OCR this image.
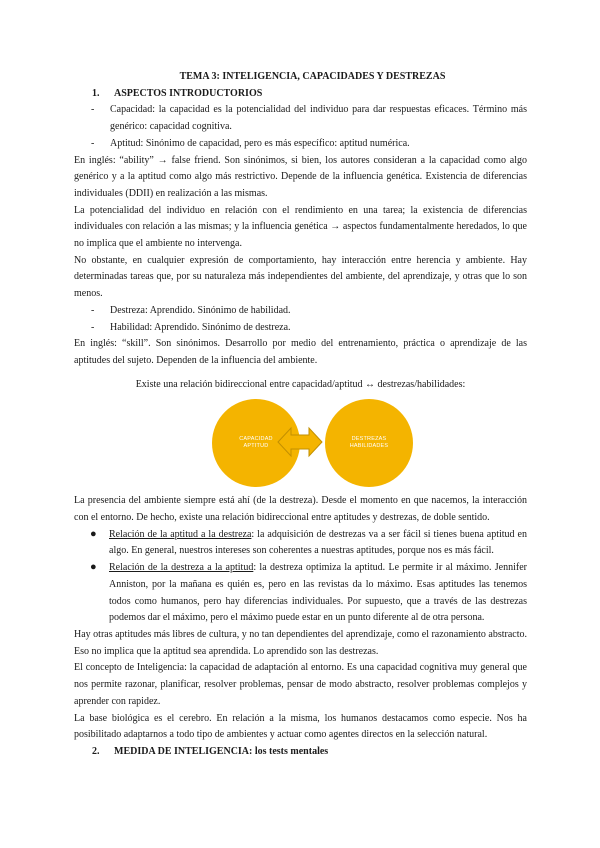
TEMA 3: INTELIGENCIA, CAPACIDADES Y DESTREZAS

1. ASPECTOS INTRODUCTORIOS

- Capacidad: la capacidad es la potencialidad del individuo para dar respuestas eficaces. Término más genérico: capacidad cognitiva.
- Aptitud: Sinónimo de capacidad, pero es más específico: aptitud numérica.

En inglés: “ability” → false friend. Son sinónimos, si bien, los autores consideran a la capacidad como algo genérico y a la aptitud como algo más restrictivo. Depende de la influencia genética. Existencia de diferencias individuales (DDII) en realización a las mismas.

La potencialidad del individuo en relación con el rendimiento en una tarea; la existencia de diferencias individuales con relación a las mismas; y la influencia genética → aspectos fundamentalmente heredados, lo que no implica que el ambiente no intervenga.

No obstante, en cualquier expresión de comportamiento, hay interacción entre herencia y ambiente. Hay determinadas tareas que, por su naturaleza más independientes del ambiente, del aprendizaje, y otras que lo son menos.

- Destreza: Aprendido. Sinónimo de habilidad.
- Habilidad: Aprendido. Sinónimo de destreza.

En inglés: “skill”. Son sinónimos. Desarrollo por medio del entrenamiento, práctica o aprendizaje de las aptitudes del sujeto. Dependen de la influencia del ambiente.

Existe una relación bidireccional entre capacidad/aptitud ↔ destrezas/habilidades:

CAPACIDAD
APTITUD
DESTREZAS
HABILIDADES

La presencia del ambiente siempre está ahí (de la destreza). Desde el momento en que nacemos, la interacción con el entorno. De hecho, existe una relación bidireccional entre aptitudes y destrezas, de doble sentido.

● Relación de la aptitud a la destreza: la adquisición de destrezas va a ser fácil si tienes buena aptitud en algo. En general, nuestros intereses son coherentes a nuestras aptitudes, porque nos es más fácil.
● Relación de la destreza a la aptitud: la destreza optimiza la aptitud. Le permite ir al máximo. Jennifer Anniston, por la mañana es quién es, pero en las revistas da lo máximo. Esas aptitudes las tenemos todos como humanos, pero hay diferencias individuales. Por supuesto, que a través de las destrezas podemos dar el máximo, pero el máximo puede estar en un punto diferente al de otra persona.

Hay otras aptitudes más libres de cultura, y no tan dependientes del aprendizaje, como el razonamiento abstracto. Eso no implica que la aptitud sea aprendida. Lo aprendido son las destrezas.

El concepto de Inteligencia: la capacidad de adaptación al entorno. Es una capacidad cognitiva muy general que nos permite razonar, planificar, resolver problemas, pensar de modo abstracto, resolver problemas complejos y aprender con rapidez.

La base biológica es el cerebro. En relación a la misma, los humanos destacamos como especie. Nos ha posibilitado adaptarnos a todo tipo de ambientes y actuar como agentes directos en la selección natural.

2. MEDIDA DE INTELIGENCIA: los tests mentales
